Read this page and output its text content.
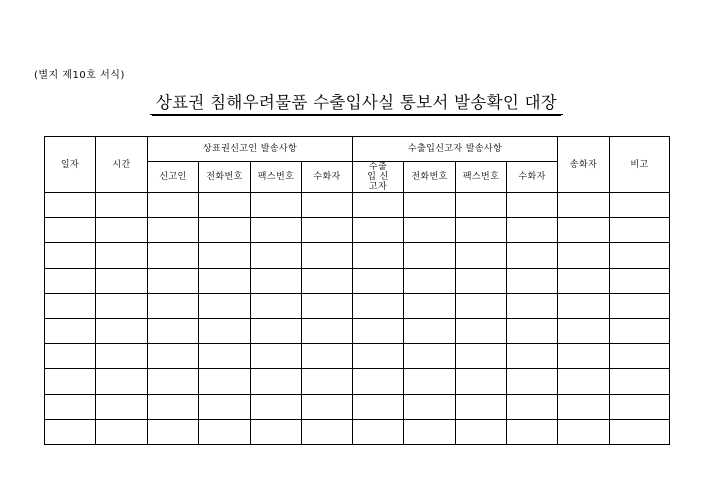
(별지 제10호 서식)
상표권 침해우려물품 수출입사실 통보서 발송확인 대장
일자	시간	상표권신고인 발송사항				수출입신고자 발송사항				송화자	비고
		신고인	전화번호	팩스번호	수화자	수출입 신고자	전화번호	팩스번호	수화자		
